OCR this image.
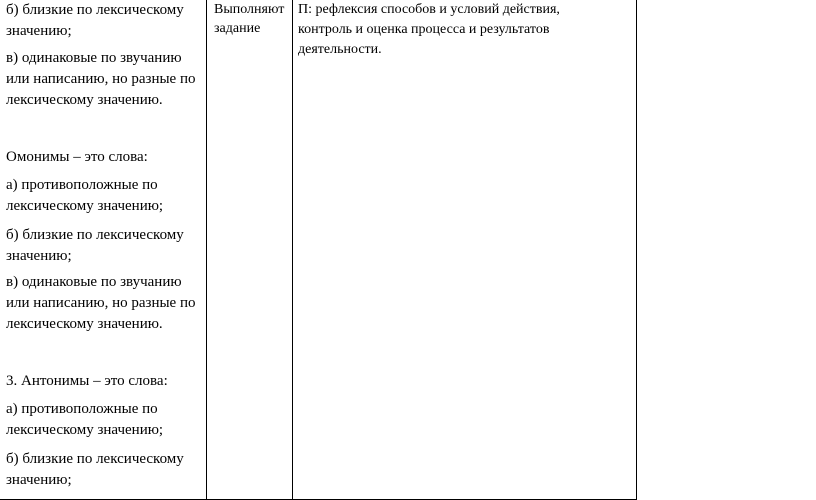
б) близкие по лексическому
значению;
в) одинаковые по звучанию
или написанию, но разные по
лексическому значению.
Омонимы – это слова:
а) противоположные по
лексическому значению;
б) близкие по лексическому
значению;
в) одинаковые по звучанию
или написанию, но разные по
лексическому значению.
3. Антонимы – это слова:
а) противоположные по
лексическому значению;
б) близкие по лексическому
значению;
Выполняют
задание
П: рефлексия способов и условий действия,
контроль и оценка процесса и результатов
деятельности.
